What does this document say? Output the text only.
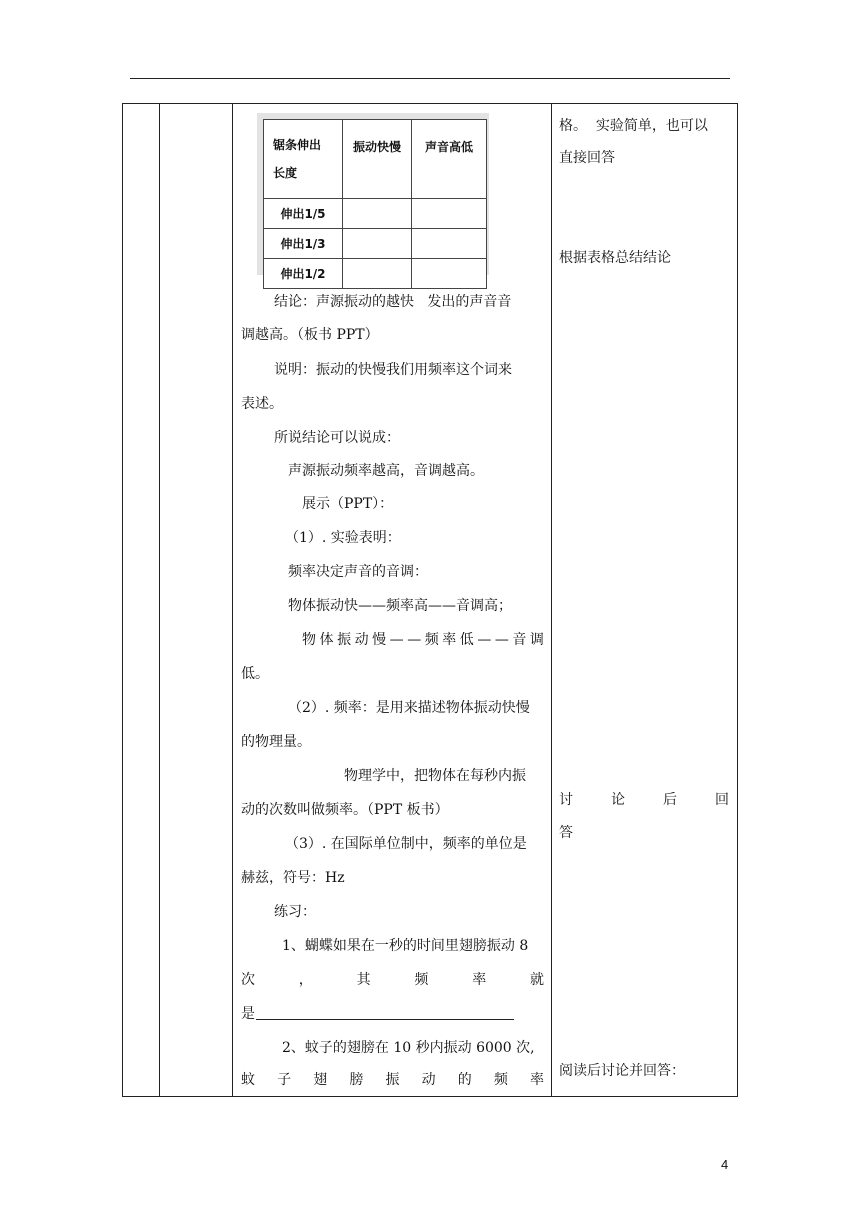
锯条伸出
长度	振动快慢	声音高低
伸出1/5		
伸出1/3		
伸出1/2		
结论：声源振动的越快   发出的声音音
调越高。（板书 PPT）
说明：振动的快慢我们用频率这个词来
表述。
所说结论可以说成：
声源振动频率越高，音调越高。
展示（PPT）：
（1）. 实验表明：
频率决定声音的音调：
物体振动快——频率高——音调高；
物 体 振 动 慢 — — 频 率 低 — — 音 调
低。
（2）. 频率：是用来描述物体振动快慢
的物理量。
物理学中，把物体在每秒内振
动的次数叫做频率。（PPT 板书）
（3）. 在国际单位制中，频率的单位是
赫兹，符号：Hz
练习：
1、蝴蝶如果在一秒的时间里翅膀振动 8
次	，	其	频	率	就
是
2、蚊子的翅膀在 10 秒内振动 6000 次,
蚊 子 翅 膀 振 动 的 频 率
格。  实验简单，也可以
直接回答
根据表格总结结论
讨	论	后	回
答
阅读后讨论并回答：
4
